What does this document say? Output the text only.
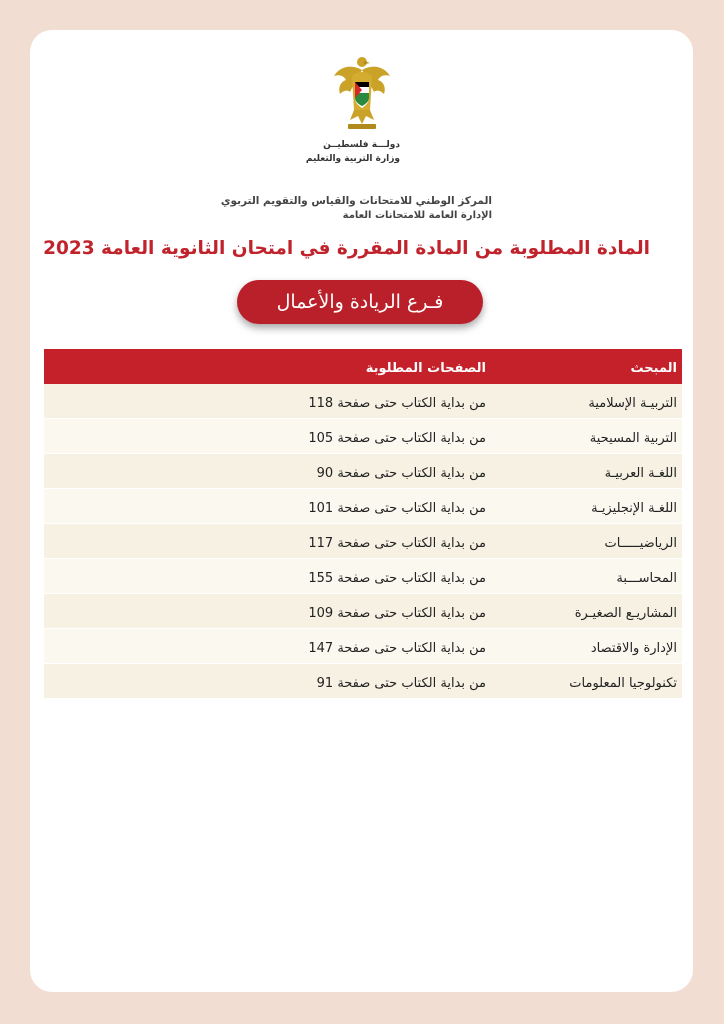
دولـــة فلسطيــن
وزارة التربية والتعليم
المركز الوطني للامتحانات والقياس والتقويم التربوي
الإدارة العامة للامتحانات العامة
المادة المطلوبة من المادة المقررة في امتحان الثانوية العامة 2023
فـرع الريادة والأعمال
المبحث
الصفحات المطلوبة
التربيـة الإسلامية
من بداية الكتاب حتى صفحة 118
التربية المسيحية
من بداية الكتاب حتى صفحة 105
اللغـة العربيـة
من بداية الكتاب حتى صفحة 90
اللغـة الإنجليزيـة
من بداية الكتاب حتى صفحة 101
الرياضيـــــات
من بداية الكتاب حتى صفحة 117
المحاســـبة
من بداية الكتاب حتى صفحة 155
المشاريـع الصغيـرة
من بداية الكتاب حتى صفحة 109
الإدارة والاقتصاد
من بداية الكتاب حتى صفحة 147
تكنولوجيا المعلومات
من بداية الكتاب حتى صفحة 91
